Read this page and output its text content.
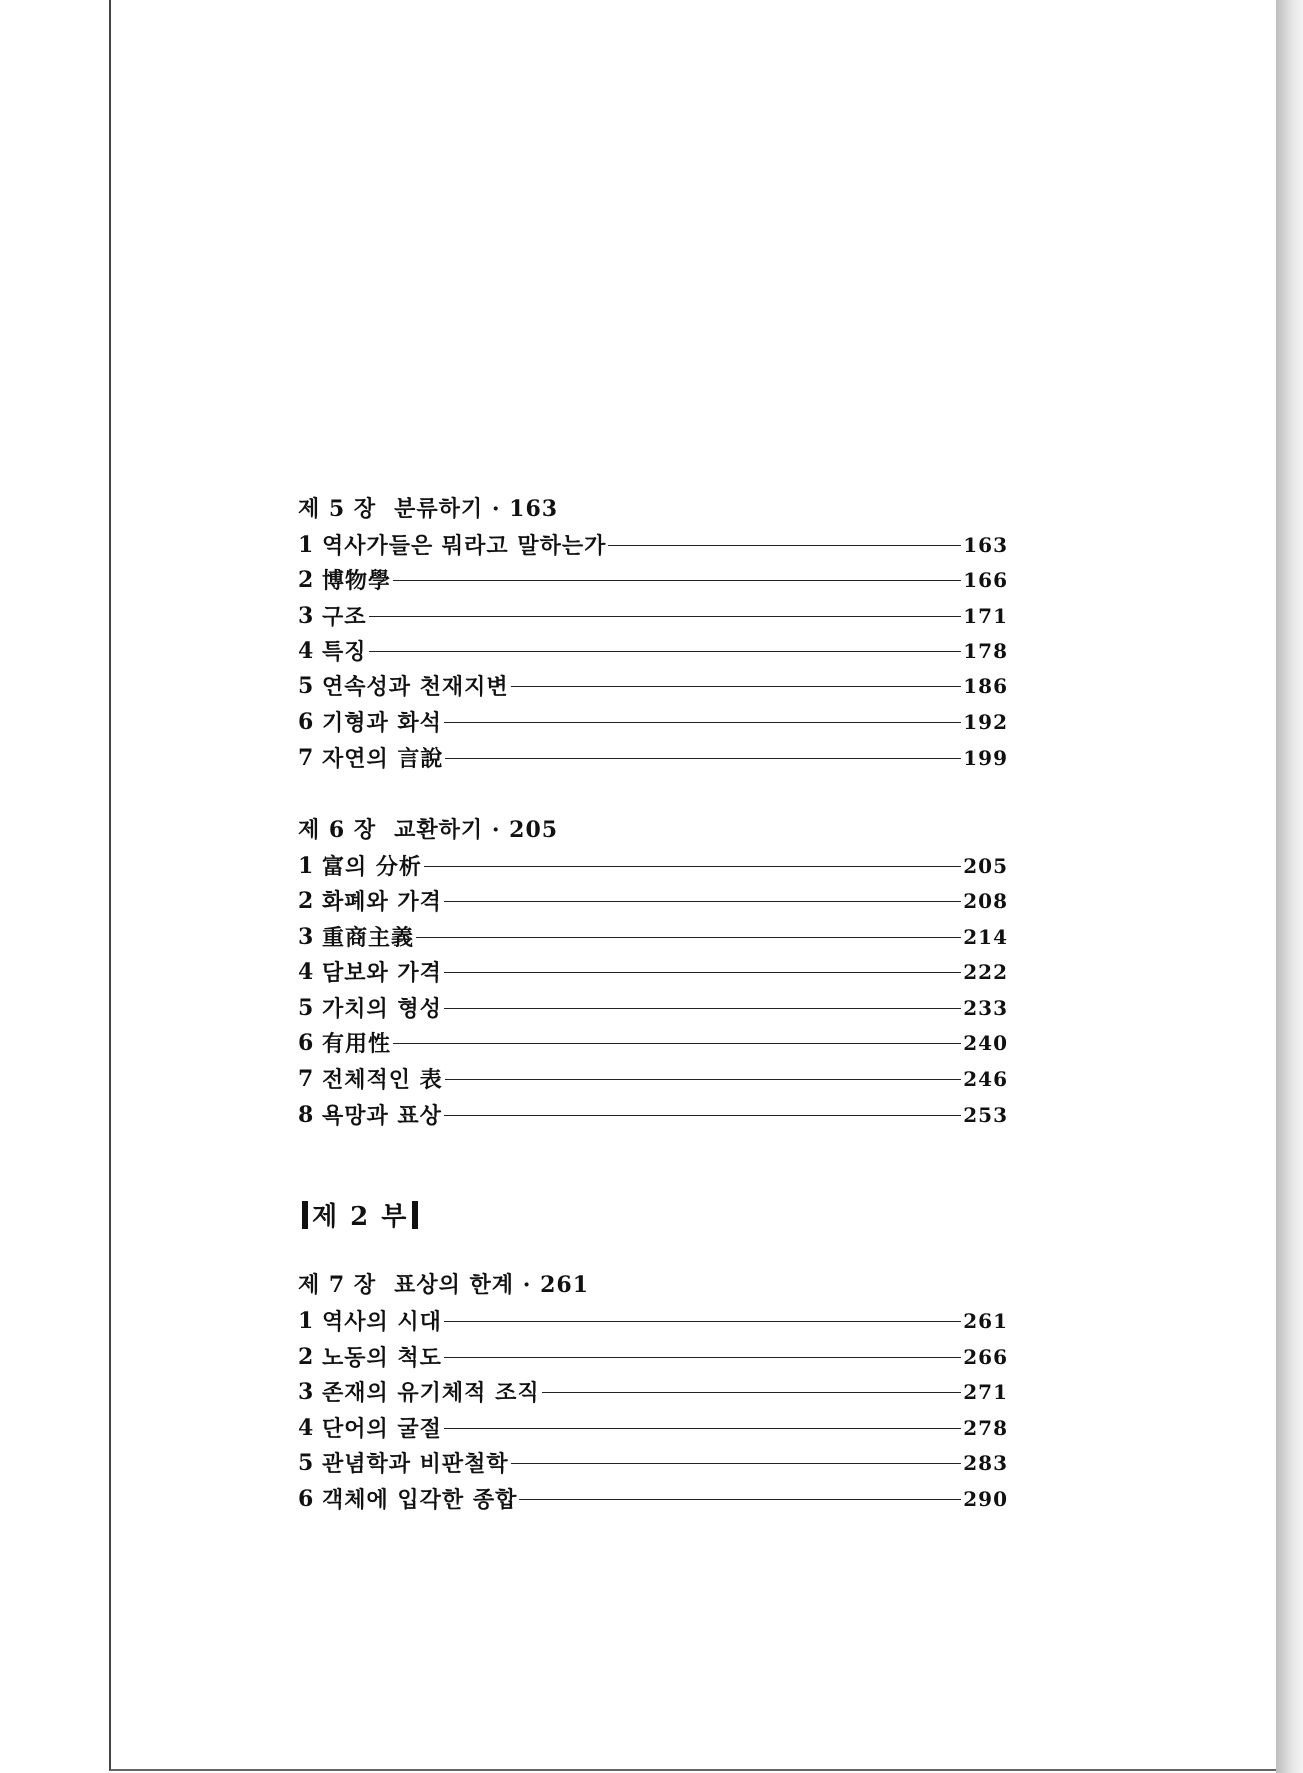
제 5 장 분류하기 · 163
1 역사가들은 뭐라고 말하는가	163
2 博物學	166
3 구조	171
4 특징	178
5 연속성과 천재지변	186
6 기형과 화석	192
7 자연의 言說	199
제 6 장 교환하기 · 205
1 富의 分析	205
2 화폐와 가격	208
3 重商主義	214
4 담보와 가격	222
5 가치의 형성	233
6 有用性	240
7 전체적인 表	246
8 욕망과 표상	253
제 2 부
제 7 장 표상의 한계 · 261
1 역사의 시대	261
2 노동의 척도	266
3 존재의 유기체적 조직	271
4 단어의 굴절	278
5 관념학과 비판철학	283
6 객체에 입각한 종합	290
